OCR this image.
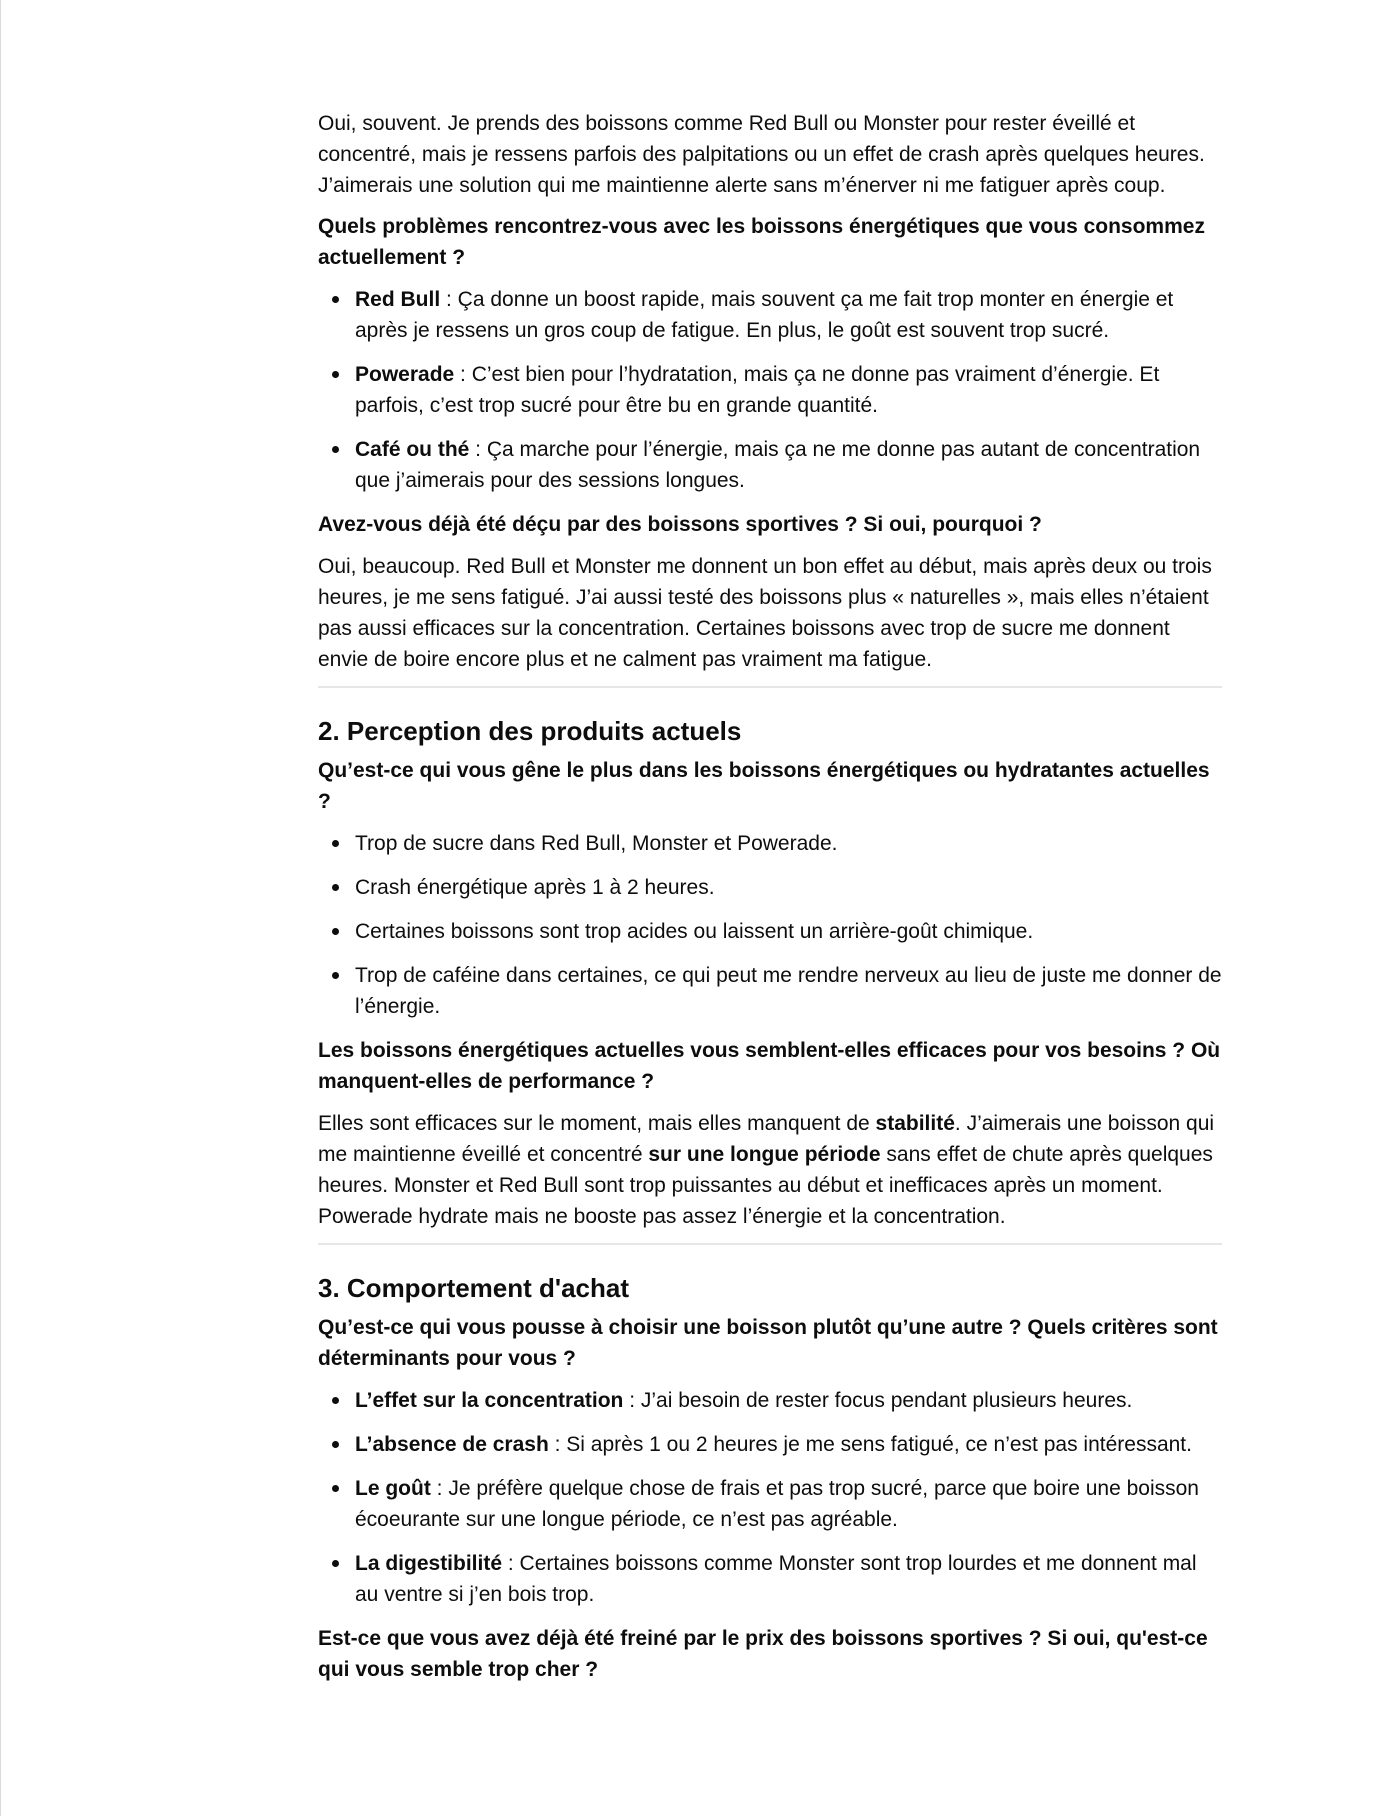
Oui, souvent. Je prends des boissons comme Red Bull ou Monster pour rester éveillé et concentré, mais je ressens parfois des palpitations ou un effet de crash après quelques heures. J’aimerais une solution qui me maintienne alerte sans m’énerver ni me fatiguer après coup.

Quels problèmes rencontrez-vous avec les boissons énergétiques que vous consommez actuellement ?

Red Bull : Ça donne un boost rapide, mais souvent ça me fait trop monter en énergie et après je ressens un gros coup de fatigue. En plus, le goût est souvent trop sucré.
Powerade : C’est bien pour l’hydratation, mais ça ne donne pas vraiment d’énergie. Et parfois, c’est trop sucré pour être bu en grande quantité.
Café ou thé : Ça marche pour l’énergie, mais ça ne me donne pas autant de concentration que j’aimerais pour des sessions longues.

Avez-vous déjà été déçu par des boissons sportives ? Si oui, pourquoi ?

Oui, beaucoup. Red Bull et Monster me donnent un bon effet au début, mais après deux ou trois heures, je me sens fatigué. J’ai aussi testé des boissons plus « naturelles », mais elles n’étaient pas aussi efficaces sur la concentration. Certaines boissons avec trop de sucre me donnent envie de boire encore plus et ne calment pas vraiment ma fatigue.

2. Perception des produits actuels

Qu’est-ce qui vous gêne le plus dans les boissons énergétiques ou hydratantes actuelles ?

Trop de sucre dans Red Bull, Monster et Powerade.
Crash énergétique après 1 à 2 heures.
Certaines boissons sont trop acides ou laissent un arrière-goût chimique.
Trop de caféine dans certaines, ce qui peut me rendre nerveux au lieu de juste me donner de l’énergie.

Les boissons énergétiques actuelles vous semblent-elles efficaces pour vos besoins ? Où manquent-elles de performance ?

Elles sont efficaces sur le moment, mais elles manquent de stabilité. J’aimerais une boisson qui me maintienne éveillé et concentré sur une longue période sans effet de chute après quelques heures. Monster et Red Bull sont trop puissantes au début et inefficaces après un moment. Powerade hydrate mais ne booste pas assez l’énergie et la concentration.

3. Comportement d'achat

Qu’est-ce qui vous pousse à choisir une boisson plutôt qu’une autre ? Quels critères sont déterminants pour vous ?

L’effet sur la concentration : J’ai besoin de rester focus pendant plusieurs heures.
L’absence de crash : Si après 1 ou 2 heures je me sens fatigué, ce n’est pas intéressant.
Le goût : Je préfère quelque chose de frais et pas trop sucré, parce que boire une boisson écoeurante sur une longue période, ce n’est pas agréable.
La digestibilité : Certaines boissons comme Monster sont trop lourdes et me donnent mal au ventre si j’en bois trop.

Est-ce que vous avez déjà été freiné par le prix des boissons sportives ? Si oui, qu'est-ce qui vous semble trop cher ?
